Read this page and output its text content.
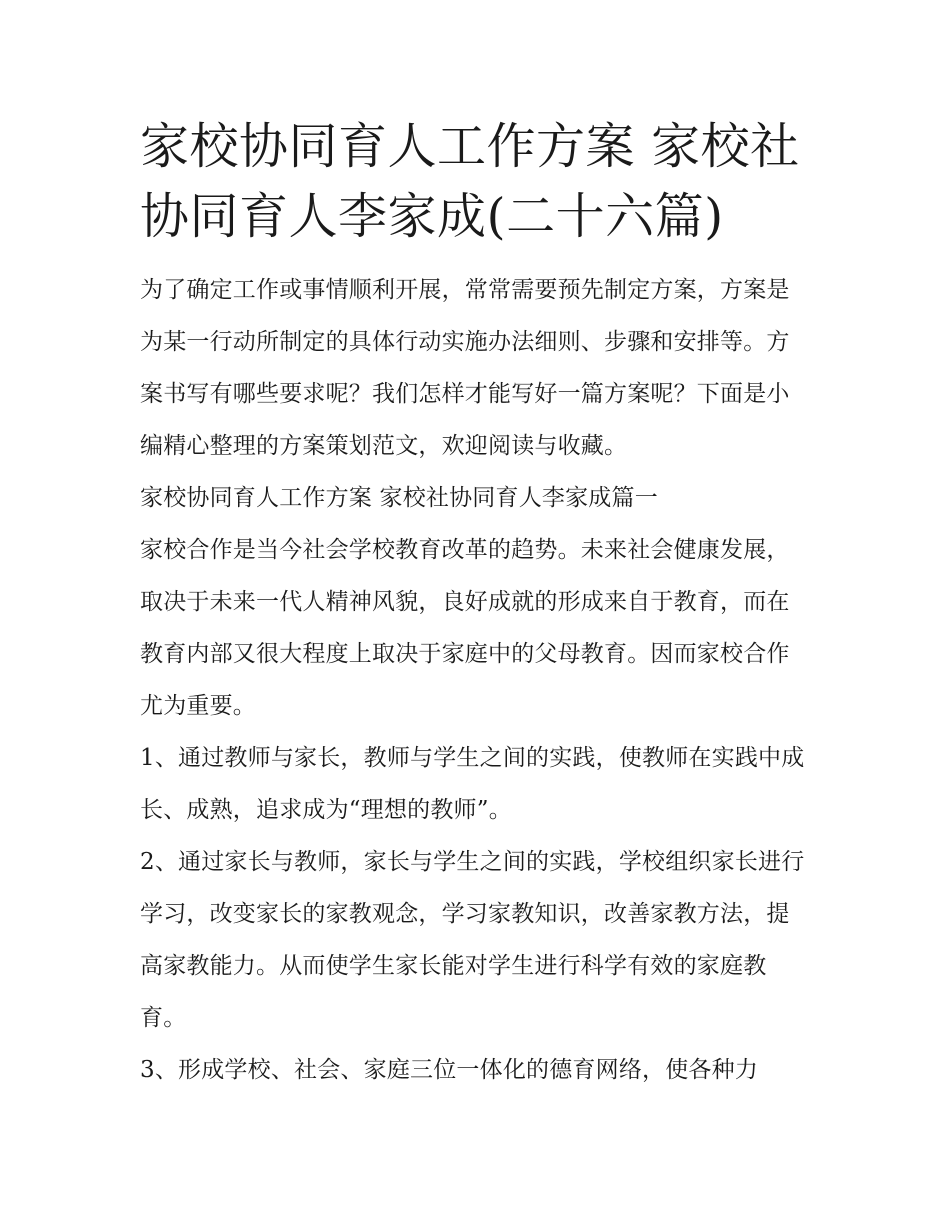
家校协同育人工作方案 家校社协同育人李家成(二十六篇)

为了确定工作或事情顺利开展，常常需要预先制定方案，方案是为某一行动所制定的具体行动实施办法细则、步骤和安排等。方案书写有哪些要求呢？我们怎样才能写好一篇方案呢？下面是小编精心整理的方案策划范文，欢迎阅读与收藏。

家校协同育人工作方案 家校社协同育人李家成篇一

家校合作是当今社会学校教育改革的趋势。未来社会健康发展，取决于未来一代人精神风貌，良好成就的形成来自于教育，而在教育内部又很大程度上取决于家庭中的父母教育。因而家校合作尤为重要。

1、通过教师与家长，教师与学生之间的实践，使教师在实践中成长、成熟，追求成为“理想的教师”。

2、通过家长与教师，家长与学生之间的实践，学校组织家长进行学习，改变家长的家教观念，学习家教知识，改善家教方法，提高家教能力。从而使学生家长能对学生进行科学有效的家庭教育。

3、形成学校、社会、家庭三位一体化的德育网络，使各种力
